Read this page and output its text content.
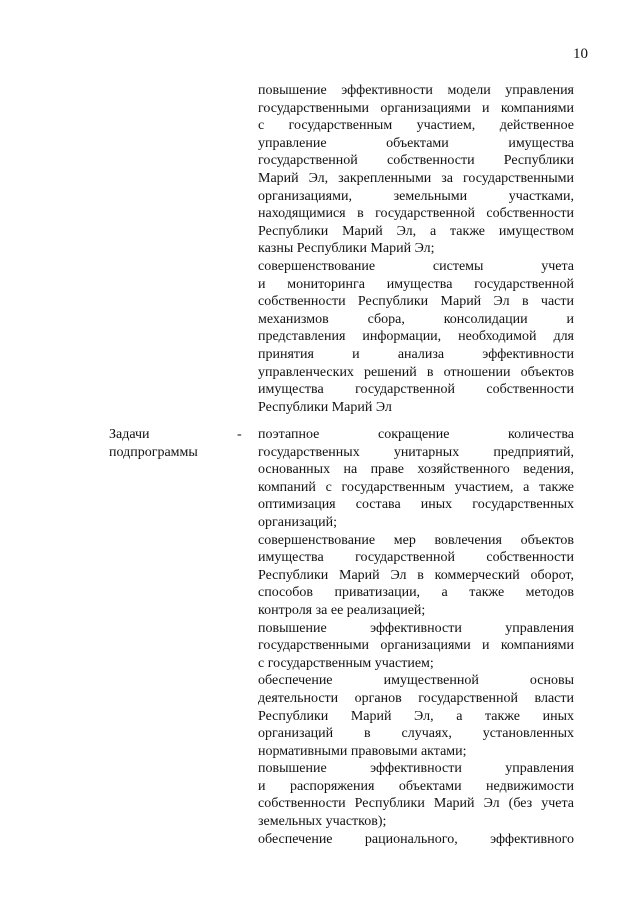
10
повышение эффективности модели управления
государственными организациями и компаниями
с государственным участием, действенное
управление объектами имущества
государственной собственности Республики
Марий Эл, закрепленными за государственными
организациями, земельными участками,
находящимися в государственной собственности
Республики Марий Эл, а также имуществом
казны Республики Марий Эл;
совершенствование системы учета
и мониторинга имущества государственной
собственности Республики Марий Эл в части
механизмов сбора, консолидации и
представления информации, необходимой для
принятия и анализа эффективности
управленческих решений в отношении объектов
имущества государственной собственности
Республики Марий Эл
Задачи
подпрограммы
- поэтапное сокращение количества
государственных унитарных предприятий,
основанных на праве хозяйственного ведения,
компаний с государственным участием, а также
оптимизация состава иных государственных
организаций;
совершенствование мер вовлечения объектов
имущества государственной собственности
Республики Марий Эл в коммерческий оборот,
способов приватизации, а также методов
контроля за ее реализацией;
повышение эффективности управления
государственными организациями и компаниями
с государственным участием;
обеспечение имущественной основы
деятельности органов государственной власти
Республики Марий Эл, а также иных
организаций в случаях, установленных
нормативными правовыми актами;
повышение эффективности управления
и распоряжения объектами недвижимости
собственности Республики Марий Эл (без учета
земельных участков);
обеспечение рационального, эффективного
